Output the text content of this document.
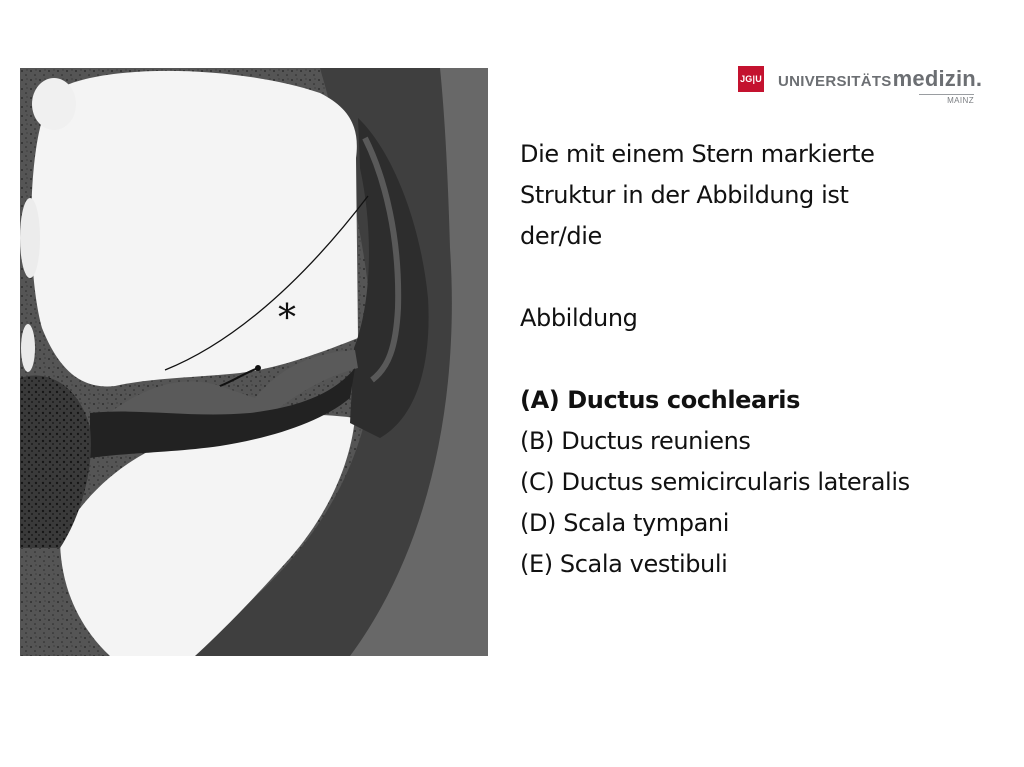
*
JG|U UNIVERSITÄTS medizin.
MAINZ
Die mit einem Stern markierte
Struktur in der Abbildung ist
der/die
Abbildung
(A) Ductus cochlearis
(B) Ductus reuniens
(C) Ductus semicircularis lateralis
(D) Scala tympani
(E) Scala vestibuli
